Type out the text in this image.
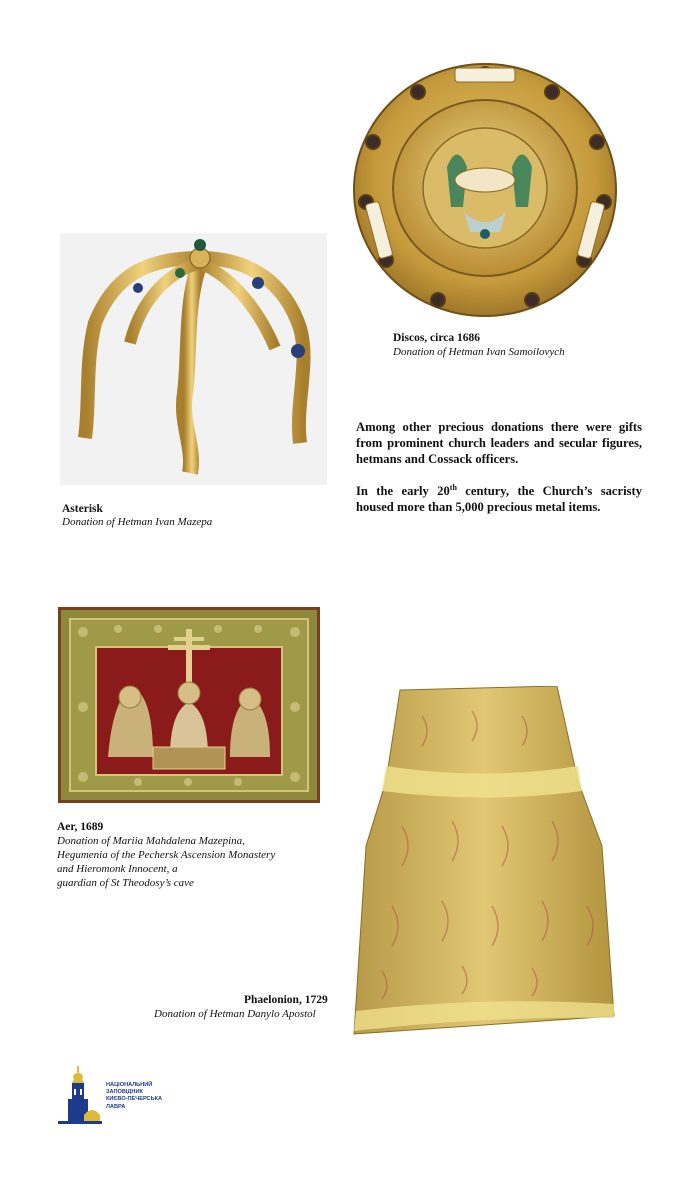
Discos, circa 1686
Donation of Hetman Ivan Samoilovych
Asterisk
Donation of Hetman Ivan Mazepa

Among other precious donations there were gifts from prominent church leaders and secular figures, hetmans and Cossack officers.

In the early 20th century, the Church’s sacristy housed more than 5,000 precious metal items.

Aer, 1689
Donation of Mariia Mahdalena Mazepina,
Hegumenia of the Pechersk Ascension Monastery
and Hieromonk Innocent, a
guardian of St Theodosy’s cave
Phaelonion, 1729
Donation of Hetman Danylo Apostol
НАЦІОНАЛЬНИЙ
ЗАПОВІДНИК
КИЄВО-ПЕЧЕРСЬКА
ЛАВРА
